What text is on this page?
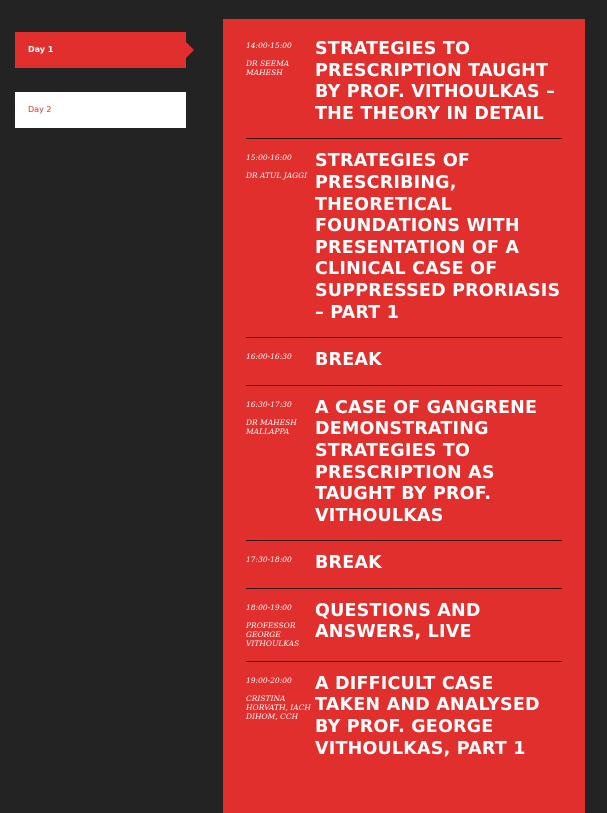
Day 1
Day 2
14:00-15:00
DR SEEMA MAHESH
STRATEGIES TO PRESCRIPTION TAUGHT BY PROF. VITHOULKAS – THE THEORY IN DETAIL
15:00-16:00
DR ATUL JAGGI
STRATEGIES OF PRESCRIBING, THEORETICAL FOUNDATIONS WITH PRESENTATION OF A CLINICAL CASE OF SUPPRESSED PRORIASIS – PART 1
16:00-16:30	BREAK
16:30-17:30
DR MAHESH MALLAPPA
A CASE OF GANGRENE DEMONSTRATING STRATEGIES TO PRESCRIPTION AS TAUGHT BY PROF. VITHOULKAS
17:30-18:00	BREAK
18:00-19:00
PROFESSOR GEORGE VITHOULKAS
QUESTIONS AND ANSWERS, LIVE
19:00-20:00
CRISTINA HORVATH, IACH DIHOM, CCH
A DIFFICULT CASE TAKEN AND ANALYSED BY PROF. GEORGE VITHOULKAS, PART 1
